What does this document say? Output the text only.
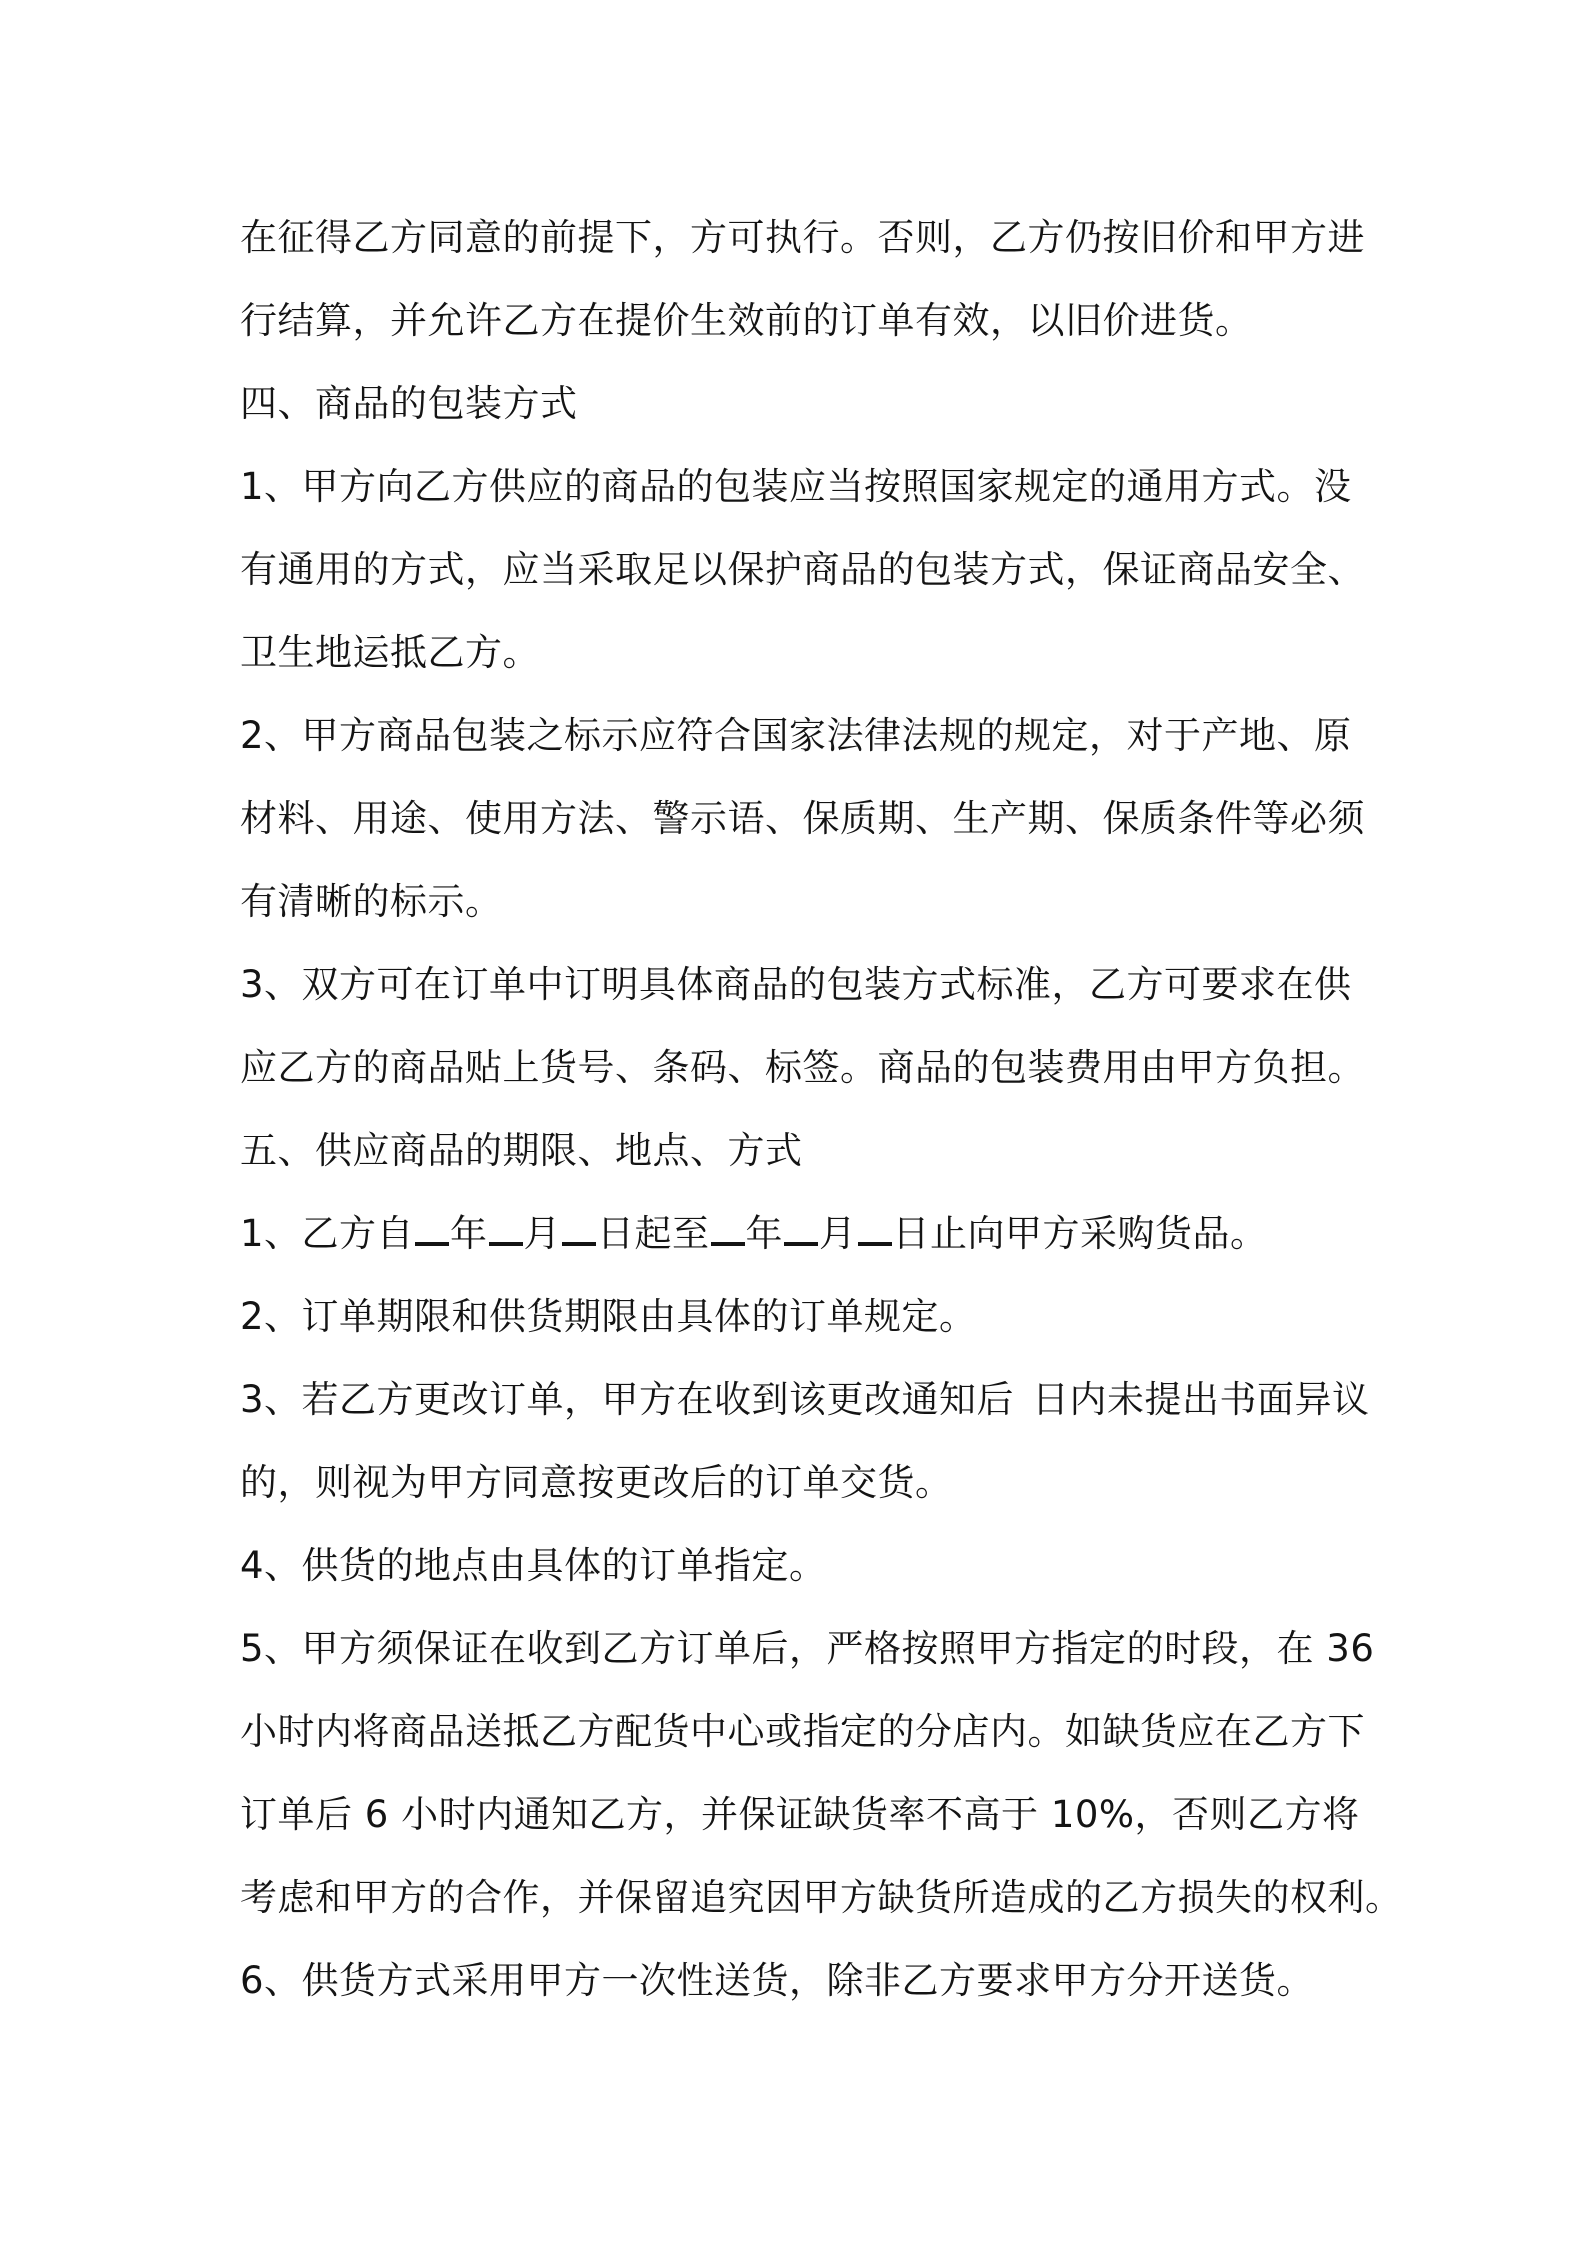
在征得乙方同意的前提下，方可执行。否则，乙方仍按旧价和甲方进
行结算，并允许乙方在提价生效前的订单有效，以旧价进货。
四、商品的包装方式
1、甲方向乙方供应的商品的包装应当按照国家规定的通用方式。没
有通用的方式，应当采取足以保护商品的包装方式，保证商品安全、
卫生地运抵乙方。
2、甲方商品包装之标示应符合国家法律法规的规定，对于产地、原
材料、用途、使用方法、警示语、保质期、生产期、保质条件等必须
有清晰的标示。
3、双方可在订单中订明具体商品的包装方式标准，乙方可要求在供
应乙方的商品贴上货号、条码、标签。商品的包装费用由甲方负担。
五、供应商品的期限、地点、方式
1、乙方自 年 月 日起至 年 月 日止向甲方采购货品。
2、订单期限和供货期限由具体的订单规定。
3、若乙方更改订单，甲方在收到该更改通知后 日内未提出书面异议
的，则视为甲方同意按更改后的订单交货。
4、供货的地点由具体的订单指定。
5、甲方须保证在收到乙方订单后，严格按照甲方指定的时段，在 36
小时内将商品送抵乙方配货中心或指定的分店内。如缺货应在乙方下
订单后 6 小时内通知乙方，并保证缺货率不高于 10%，否则乙方将
考虑和甲方的合作，并保留追究因甲方缺货所造成的乙方损失的权利。
6、供货方式采用甲方一次性送货，除非乙方要求甲方分开送货。
